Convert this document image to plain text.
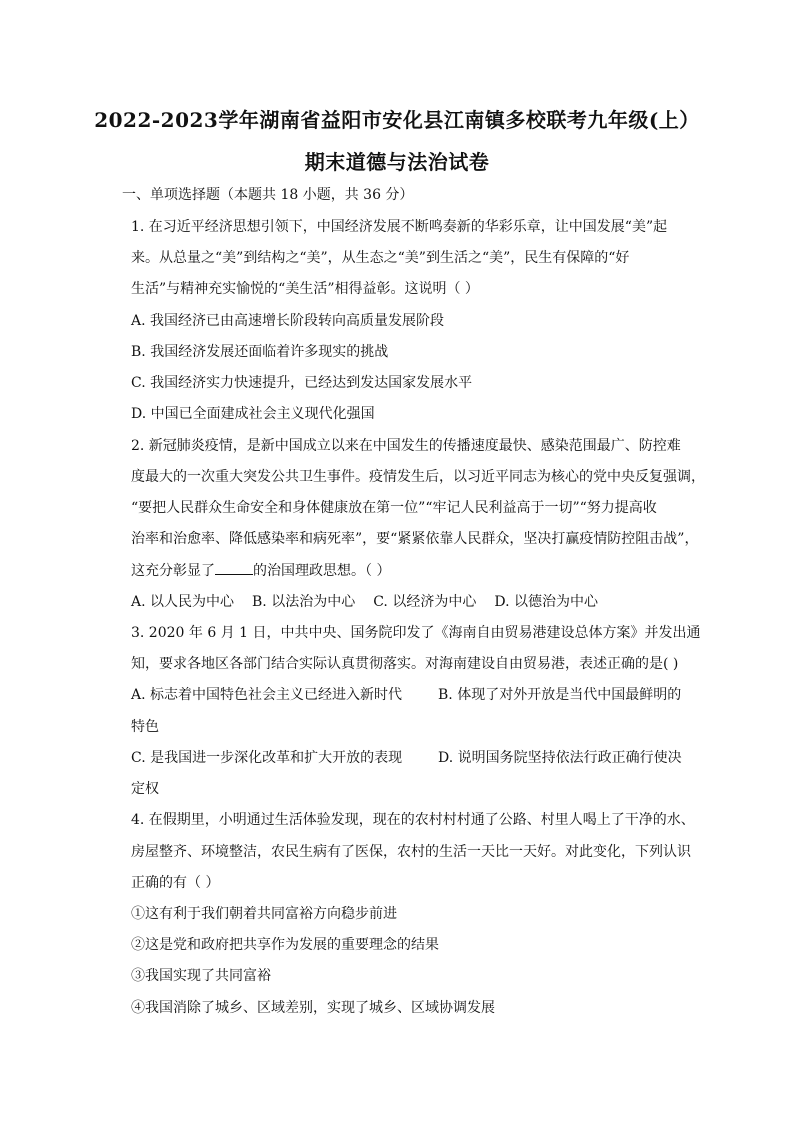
2022-2023学年湖南省益阳市安化县江南镇多校联考九年级(上）
期末道德与法治试卷
一、单项选择题（本题共 18 小题，共 36 分）
1. 在习近平经济思想引领下，中国经济发展不断鸣奏新的华彩乐章，让中国发展“美”起
来。从总量之“美”到结构之“美”，从生态之“美”到生活之“美”，民生有保障的“好
生活”与精神充实愉悦的“美生活”相得益彰。这说明（ ）
A. 我国经济已由高速增长阶段转向高质量发展阶段
B. 我国经济发展还面临着许多现实的挑战
C. 我国经济实力快速提升，已经达到发达国家发展水平
D. 中国已全面建成社会主义现代化强国
2. 新冠肺炎疫情，是新中国成立以来在中国发生的传播速度最快、感染范围最广、防控难
度最大的一次重大突发公共卫生事件。疫情发生后，以习近平同志为核心的党中央反复强调，
“要把人民群众生命安全和身体健康放在第一位”“牢记人民利益高于一切”“努力提高收
治率和治愈率、降低感染率和病死率”，要“紧紧依靠人民群众，坚决打赢疫情防控阻击战”，
这充分彰显了	的治国理政思想。（ ）
A. 以人民为中心 B. 以法治为中心 C. 以经济为中心 D. 以德治为中心
3. 2020 年 6 月 1 日，中共中央、国务院印发了《海南自由贸易港建设总体方案》并发出通
知，要求各地区各部门结合实际认真贯彻落实。对海南建设自由贸易港，表述正确的是( )
A. 标志着中国特色社会主义已经进入新时代	B. 体现了对外开放是当代中国最鲜明的
特色
C. 是我国进一步深化改革和扩大开放的表现	D. 说明国务院坚持依法行政正确行使决
定权
4. 在假期里，小明通过生活体验发现，现在的农村村村通了公路、村里人喝上了干净的水、
房屋整齐、环境整洁，农民生病有了医保，农村的生活一天比一天好。对此变化，下列认识
正确的有（ ）
①这有利于我们朝着共同富裕方向稳步前进
②这是党和政府把共享作为发展的重要理念的结果
③我国实现了共同富裕
④我国消除了城乡、区域差别，实现了城乡、区域协调发展
